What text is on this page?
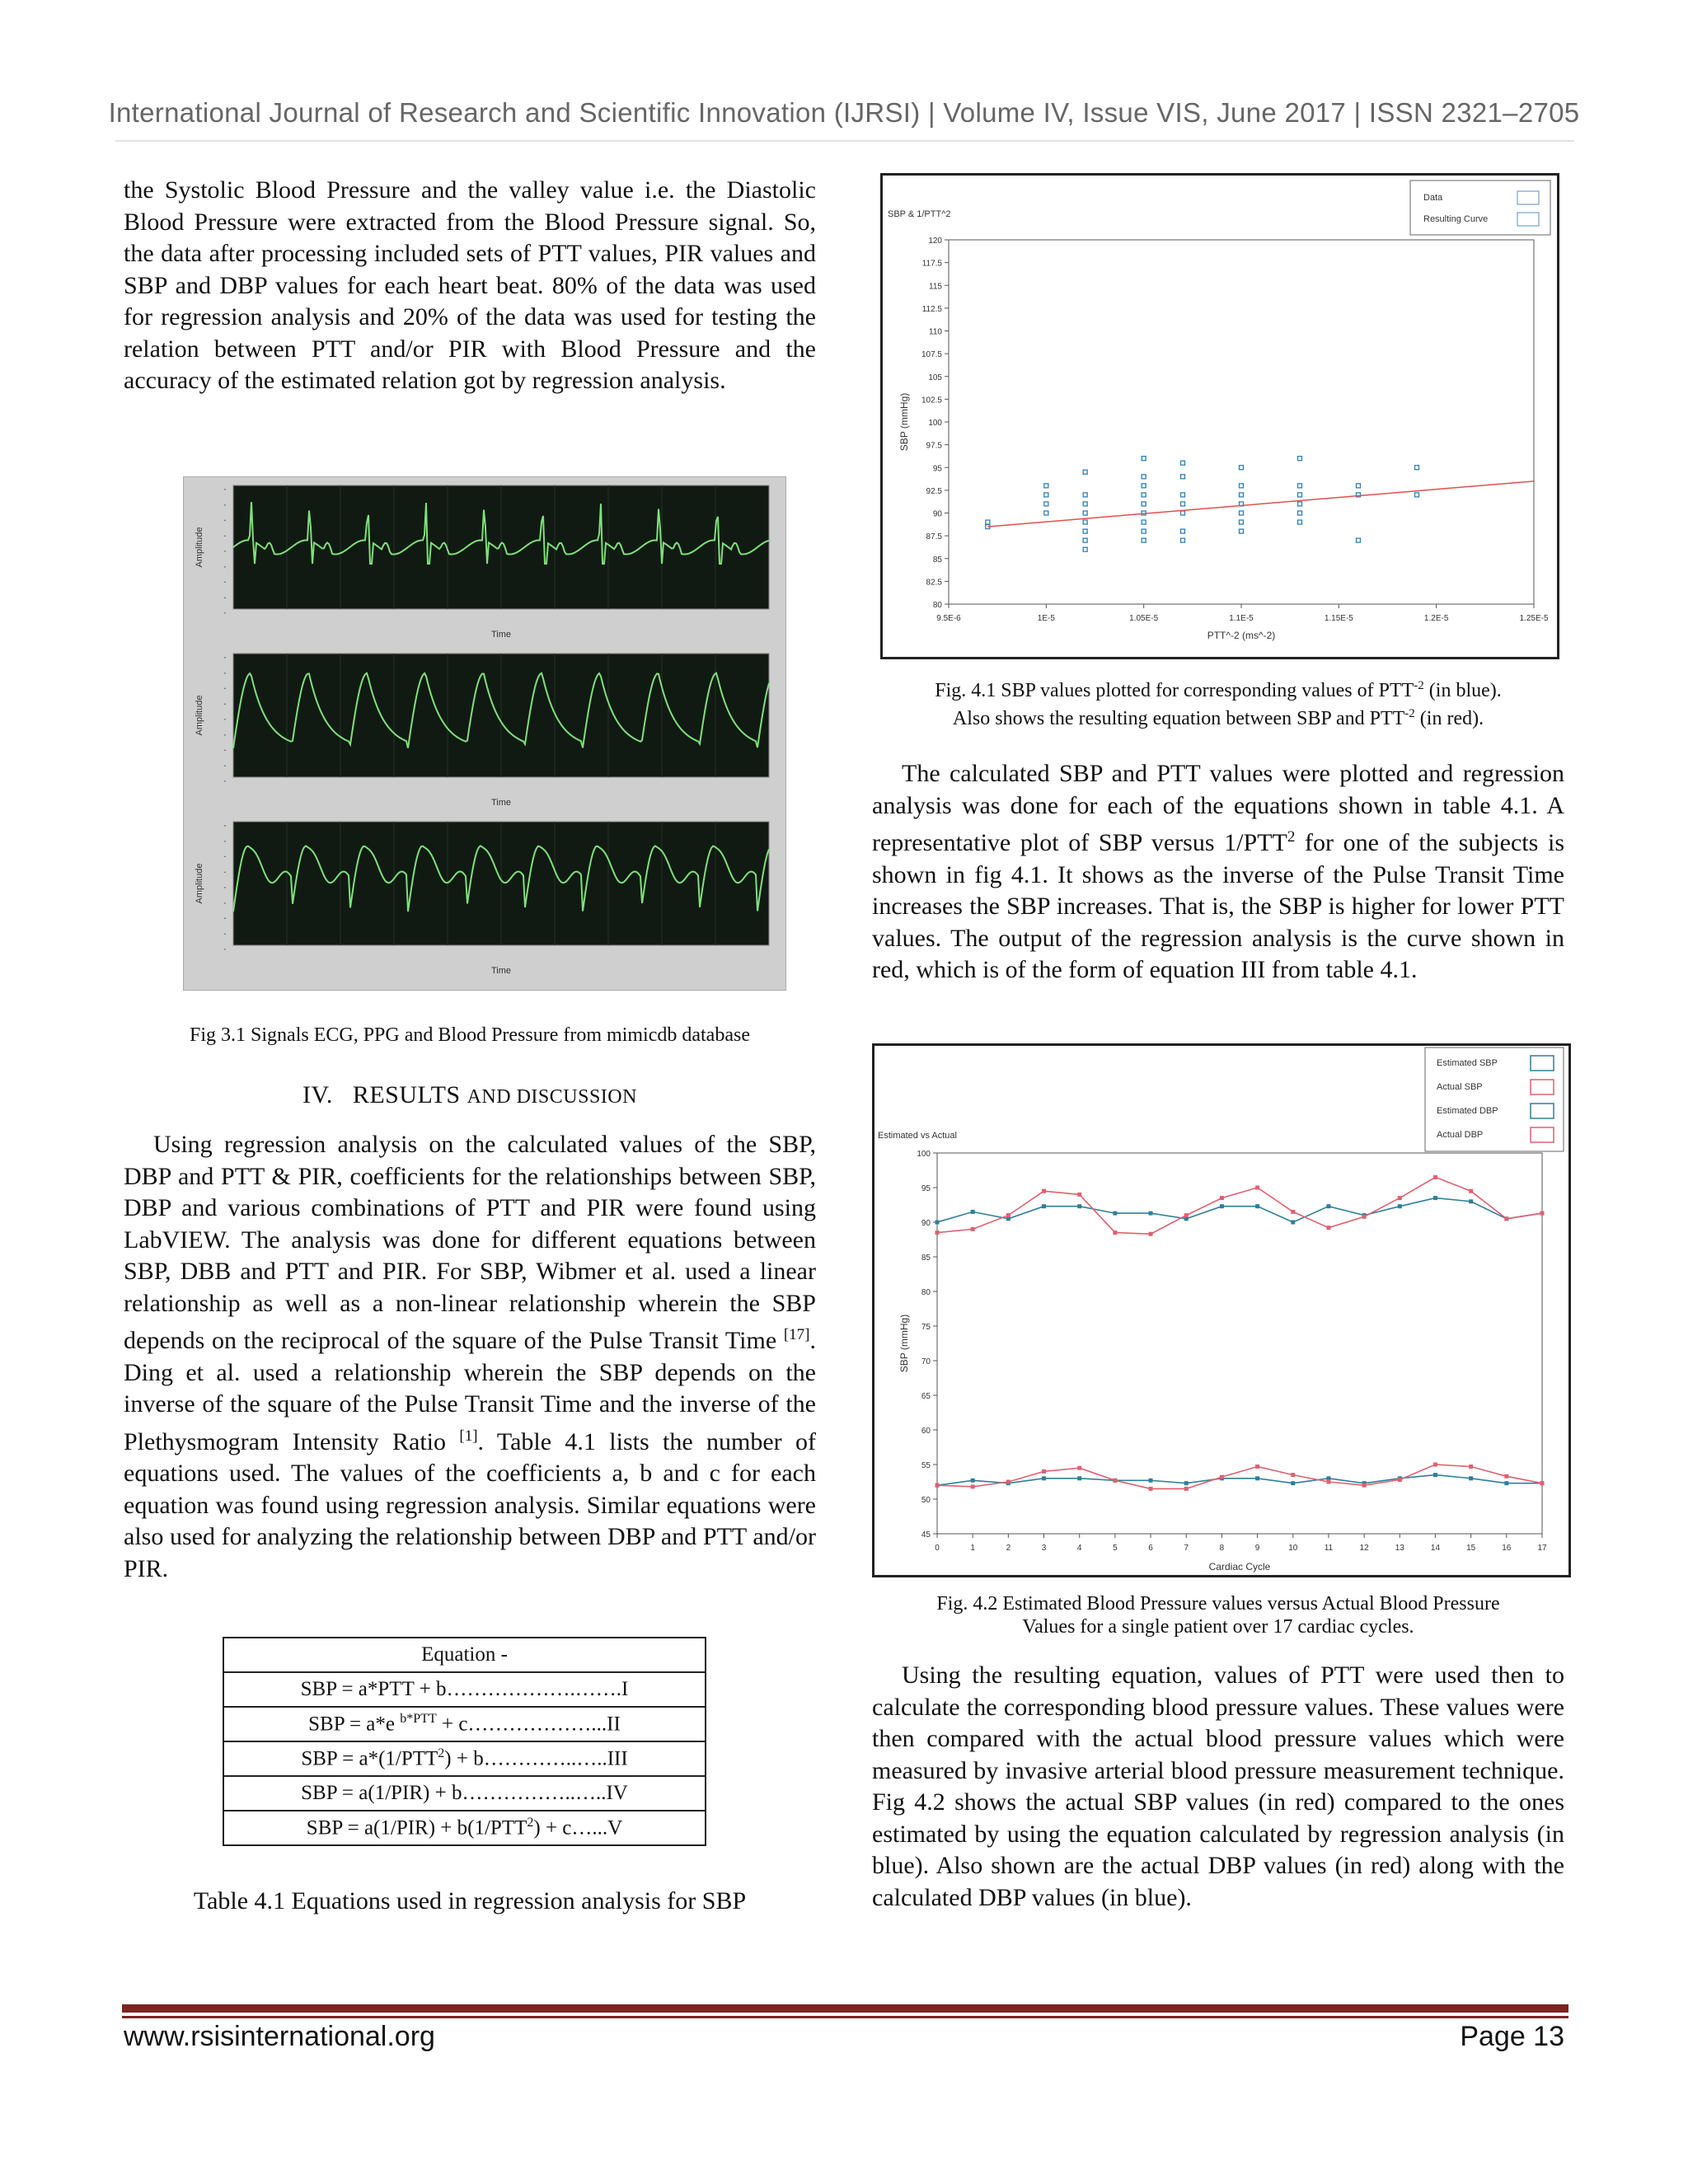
International Journal of Research and Scientific Innovation (IJRSI) | Volume IV, Issue VIS, June 2017 | ISSN 2321–2705
the Systolic Blood Pressure and the valley value i.e. the Diastolic Blood Pressure were extracted from the Blood Pressure signal. So, the data after processing included sets of PTT values, PIR values and SBP and DBP values for each heart beat. 80% of the data was used for regression analysis and 20% of the data was used for testing the relation between PTT and/or PIR with Blood Pressure and the accuracy of the estimated relation got by regression analysis.
·
·
·
·
·
·
·
·
·
Amplitude
Time
·
·
·
·
·
·
·
·
·
Amplitude
Time
·
·
·
·
·
·
·
·
·
Amplitude
Time
Fig 3.1 Signals ECG, PPG and Blood Pressure from mimicdb database
IV. RESULTS AND DISCUSSION
Using regression analysis on the calculated values of the SBP, DBP and PTT & PIR, coefficients for the relationships between SBP, DBP and various combinations of PTT and PIR were found using LabVIEW. The analysis was done for different equations between SBP, DBB and PTT and PIR. For SBP, Wibmer et al. used a linear relationship as well as a non-linear relationship wherein the SBP depends on the reciprocal of the square of the Pulse Transit Time [17]. Ding et al. used a relationship wherein the SBP depends on the inverse of the square of the Pulse Transit Time and the inverse of the Plethysmogram Intensity Ratio [1]. Table 4.1 lists the number of equations used. The values of the coefficients a, b and c for each equation was found using regression analysis. Similar equations were also used for analyzing the relationship between DBP and PTT and/or PIR.
Equation -
SBP = a*PTT + b……………….…….I
SBP = a*e $^{b*PTT}$ + c………………...II
SBP = $a*(1/PTT^2)$ + b…………..…..III
SBP = a(1/PIR) + b……………..…..IV
SBP = $a(1/PIR) + b(1/PTT^2)$ + c…...V
Table 4.1 Equations used in regression analysis for SBP
SBP & 1/PTT^2
SBP (mmHg)
PTT^-2 (ms^-2)
80
82.5
85
87.5
90
92.5
95
97.5
100
102.5
105
107.5
110
112.5
115
117.5
120
9.5E-6	1E-5	1.05E-5	1.1E-5	1.15E-5	1.2E-5	1.25E-5
Data
Resulting Curve
Fig. 4.1 SBP values plotted for corresponding values of $PTT^{-2}$ (in blue).
Also shows the resulting equation between SBP and $PTT^{-2}$ (in red).
The calculated SBP and PTT values were plotted and regression analysis was done for each of the equations shown in table 4.1. A representative plot of SBP versus 1/PTT$^2$ for one of the subjects is shown in fig 4.1. It shows as the inverse of the Pulse Transit Time increases the SBP increases. That is, the SBP is higher for lower PTT values. The output of the regression analysis is the curve shown in red, which is of the form of equation III from table 4.1.
Estimated vs Actual
SBP (mmHg)
Cardiac Cycle
45
50
55
60
65
70
75
80
85
90
95
100
0	1	2	3	4	5	6	7	8	9	10	11	12	13	14	15	16	17
Estimated SBP
Actual SBP
Estimated DBP
Actual DBP
Fig. 4.2 Estimated Blood Pressure values versus Actual Blood Pressure
Values for a single patient over 17 cardiac cycles.
Using the resulting equation, values of PTT were used then to calculate the corresponding blood pressure values. These values were then compared with the actual blood pressure values which were measured by invasive arterial blood pressure measurement technique. Fig 4.2 shows the actual SBP values (in red) compared to the ones estimated by using the equation calculated by regression analysis (in blue). Also shown are the actual DBP values (in red) along with the calculated DBP values (in blue).
www.rsisinternational.org	Page 13
